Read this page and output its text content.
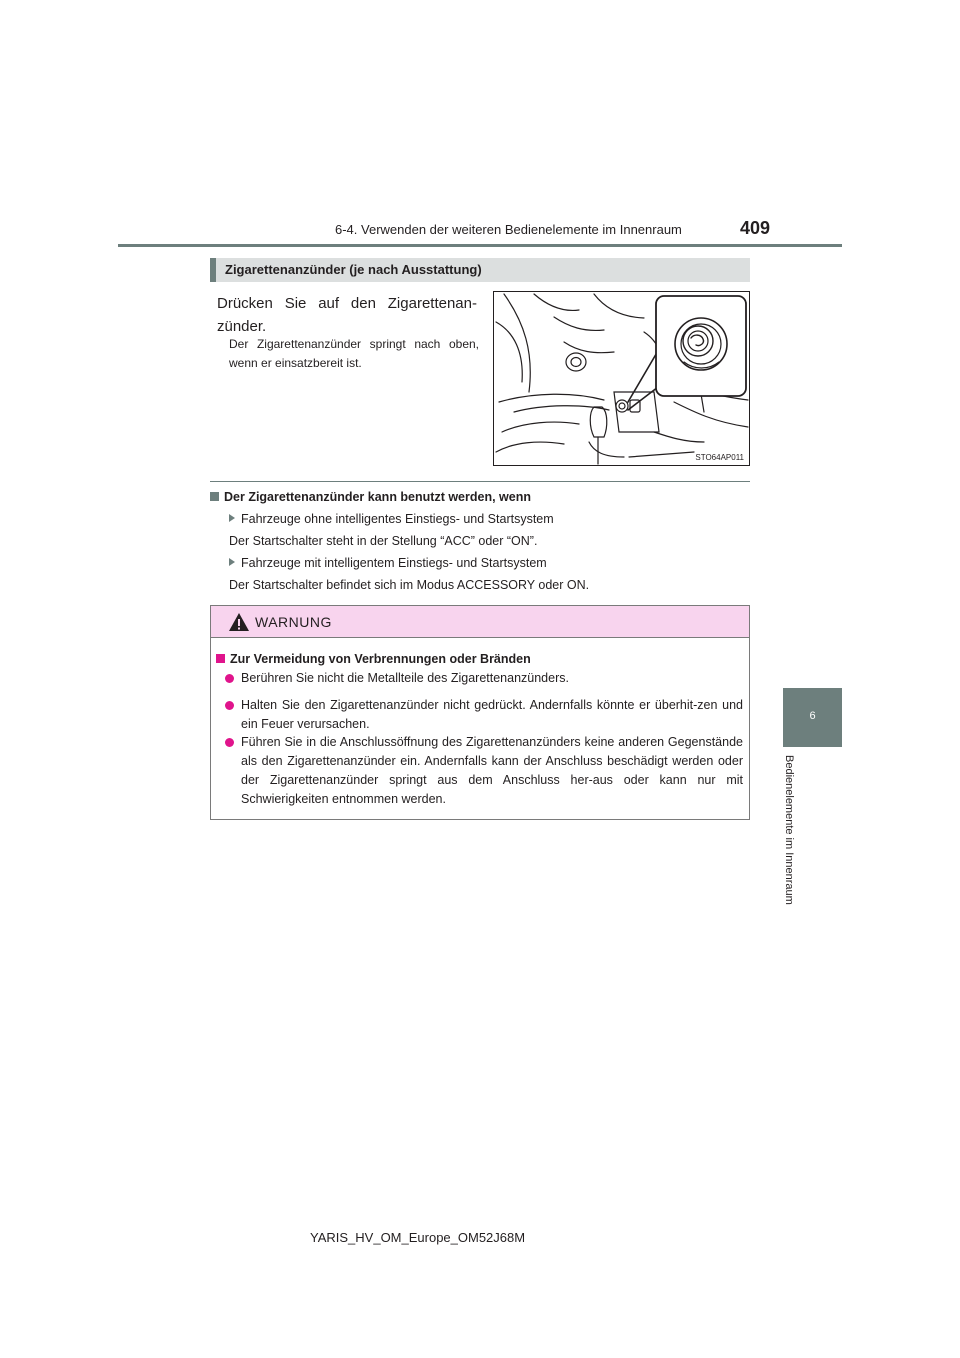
6-4. Verwenden der weiteren Bedienelemente im Innenraum	409
Zigarettenanzünder (je nach Ausstattung)
Drücken Sie auf den Zigarettenan-zünder.
Der Zigarettenanzünder springt nach oben, wenn er einsatzbereit ist.
STO64AP011
Der Zigarettenanzünder kann benutzt werden, wenn
Fahrzeuge ohne intelligentes Einstiegs- und Startsystem
Der Startschalter steht in der Stellung “ACC” oder “ON”.
Fahrzeuge mit intelligentem Einstiegs- und Startsystem
Der Startschalter befindet sich im Modus ACCESSORY oder ON.
WARNUNG
Zur Vermeidung von Verbrennungen oder Bränden
Berühren Sie nicht die Metallteile des Zigarettenanzünders.
Halten Sie den Zigarettenanzünder nicht gedrückt. Andernfalls könnte er überhit-zen und ein Feuer verursachen.
Führen Sie in die Anschlussöffnung des Zigarettenanzünders keine anderen Gegenstände als den Zigarettenanzünder ein. Andernfalls kann der Anschluss beschädigt werden oder der Zigarettenanzünder springt aus dem Anschluss her-aus oder kann nur mit Schwierigkeiten entnommen werden.
6
Bedienelemente im Innenraum
YARIS_HV_OM_Europe_OM52J68M
